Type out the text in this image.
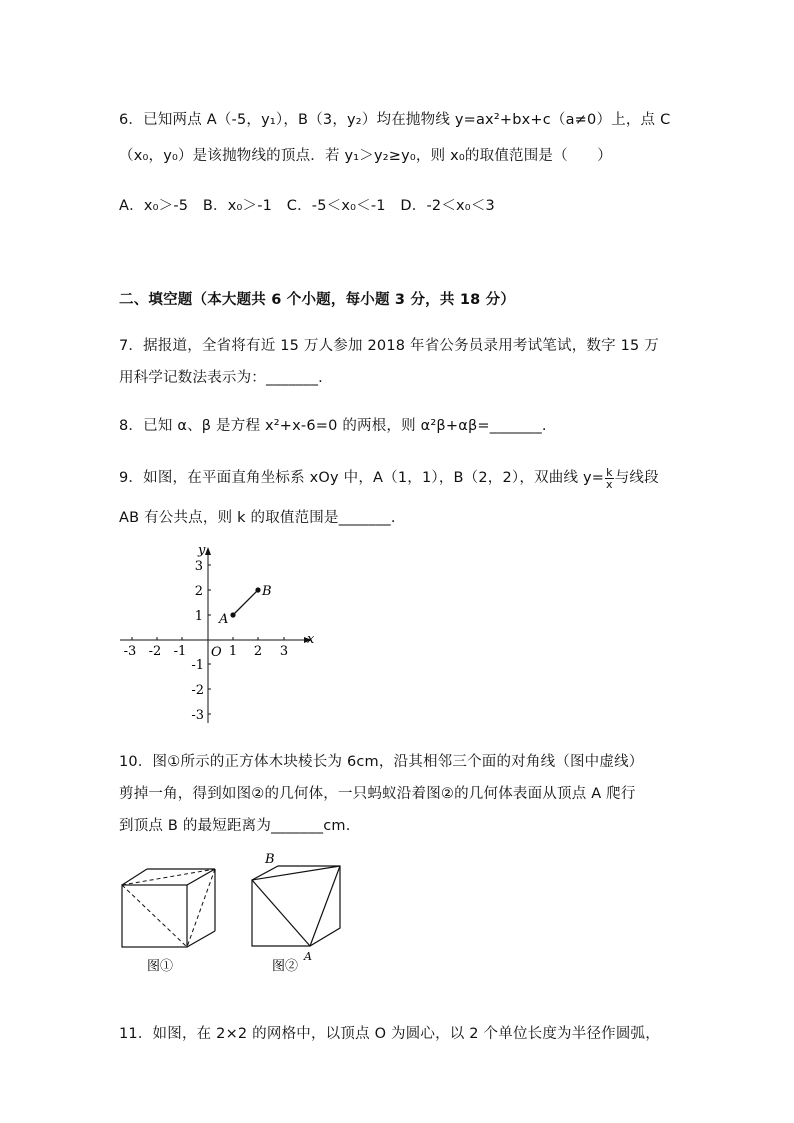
6．已知两点 A（-5，y₁），B（3，y₂）均在抛物线 y=ax²+bx+c（a≠0）上，点 C
（x₀，y₀）是该抛物线的顶点．若 y₁＞y₂≥y₀，则 x₀的取值范围是（　　）
A．x₀＞-5　B．x₀＞-1　C．-5＜x₀＜-1　D．-2＜x₀＜3
二、填空题（本大题共 6 个小题，每小题 3 分，共 18 分）
7．据报道，全省将有近 15 万人参加 2018 年省公务员录用考试笔试，数字 15 万
用科学记数法表示为：_______.
8．已知 α、β 是方程 x²+x-6=0 的两根，则 α²β+αβ=_______.
9．如图，在平面直角坐标系 xOy 中，A（1，1），B（2，2），双曲线 $y= \frac{k}{x}$ 与线段
AB 有公共点，则 k 的取值范围是_______.
x
y
O
-3 -2 -1	1 2 3
3
2
1
-1
-2
-3
A
B
10．图①所示的正方体木块棱长为 6cm，沿其相邻三个面的对角线（图中虚线）
剪掉一角，得到如图②的几何体，一只蚂蚁沿着图②的几何体表面从顶点 A 爬行
到顶点 B 的最短距离为_______cm.
图①
B
A
图②
11．如图，在 2×2 的网格中，以顶点 O 为圆心，以 2 个单位长度为半径作圆弧，
